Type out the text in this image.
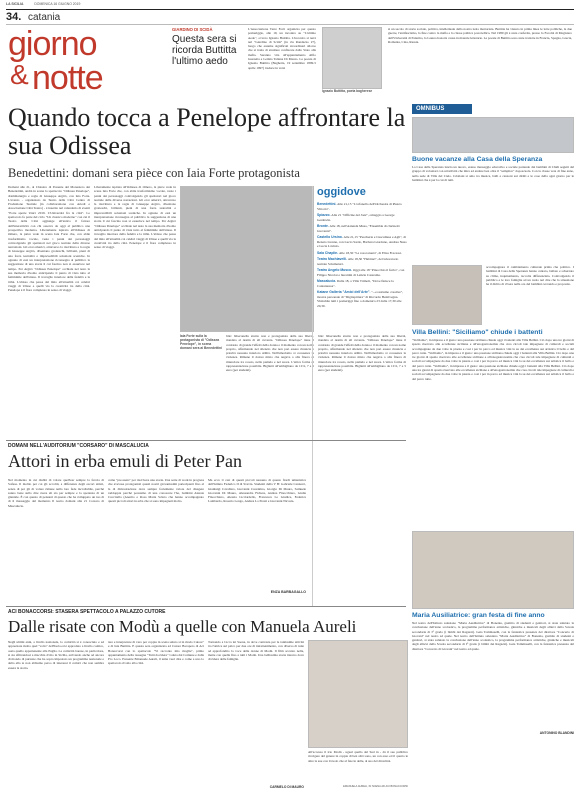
LA SICILIA	DOMENICA 16 GIUGNO 2019
34. catania
giorno
& notte
GIARDINO DI SCIDÀ
Questa sera si ricorda Buttitta l'ultimo aedo
L'Associazione Terre Forti organizza per questo pomeriggio, alle 19, un incontro su "L'ultimo Aedo", ovvero Ignazio Buttitta. L'incontro si terrà nel "Giardino di Scidà" (in via Randazzo 27), luogo che assume significati straordinari allorso che si tratta di strutture confiscate dallo Stato alla mafia. Saranno vita all'appuntamento Alfio Guzzetta e Letizia Taliana Di Mauro. La poesia di Ignazio Buttitta (Bagheria, 19 settembre 1899-5 aprile 1997) traduce in versi
Ignazio Buttitta, poeta bagherese
si un secolo di storia sociale, politica, intellettuale della nostra isola martoriata. Buttitta ha vissuto in prima linea le lotte politiche, le due guerre, l'antifascismo, la fine contro la mafia e la classe politica post-bellica. Nel 1980 gli è stata conferita, presso la Facoltà di Magistero dell'Università di Palermo, la Laurea honoris causa in materie letterarie. Le poesie di Buttitta sono state tradotte in Francia, Spagna, Grecia, Romania, Cina, Russia.
Quando tocca a Penelope affrontare la sua Odissea
Benedettini: domani sera pièce con Iaia Forte protagonista
Domani alle 21, al Chiostro di Ponente del Monastero dei Benedettini, andrà in scena lo spettacolo "Odissea Penelope", drammaturgia e regia di Giuseppe Argirò, con Iaia Forte. L'evento - organizzato da Teatro della Città Centro di Produzione Teatrale (in collaborazione con Artedì e Associazione Città Teatro) - è inserito nel calendario di eventi "Porte aperte Unict 2019. L'Università fra la città". Lo spettacolo fa parte del ciclo "Un classico moderno" con cui il Teatro della Città aggiunge all'antico il fattore dell'interattività con chi osserva da oggi al pubblico una prospettiva moderna. Liberamente ispirata all'Odissea di Omero, la pièce vede in scena Iaia Forte che, con abile trasformismo vocale, veste i panni dei personaggi coinvolgendo gli spettatori nel gioco teatrale della diverse narrazioni. Gli eroi omerici, attraverso la riscrittura e la regia di Giuseppe Argirò, diventano grotteschi, brillanti, pieni di una forza teatralità e imprevedibili soluzioni sceniche. In ognuno di essi un interpretazione riconsegna al pubblico la suggestione di una storia il cui fascino non si esaurisce nel tempo. Per Argirò "Odissea Penelope" occhiale nel testo la sua memoria d'uomo anticipando il punto di vista tutto al femminile dell'attesa. Il travaglio interiore della fedeltà e la tribù. L'abisso che passa dal mito all'attualità coi celebri viaggi di Ulisse e quelli via la creatività tra della città. Penelope è il fiore complesso in senso di viaggi.
Liberamente ispirata all'Odissea di Omero, la pièce vede in scena Iaia Forte che, con abile trasformismo vocale, veste i panni dei personaggi coinvolgendo gli spettatori nel gioco teatrale della diverse narrazioni. Gli eroi omerici, attraverso la riscrittura e la regia di Giuseppe Argirò, diventano grotteschi, brillanti, pieni di una forza teatralità e imprevedibili soluzioni sceniche. In ognuno di essi un interpretazione riconsegna al pubblico la suggestione di una storia il cui fascino non si esaurisce nel tempo. Per Argirò "Odissea Penelope" occhiale nel testo la sua memoria d'uomo anticipando il punto di vista tutto al femminile dell'attesa. Il travaglio interiore della fedeltà e la tribù. L'abisso che passa dal mito all'attualità coi celebri viaggi di Ulisse e quelli via la creatività tra della città. Penelope è il fiore complesso in senso di viaggi.
Iaia Forte sulla la protagonista di "Odissea Penelope", in scena domani sera ai Benedettini
bile: bibecanella stretto non e protagonista della sua libertà, riandata al destin di all avventa. "Odissea Penelope" tiene il contrasto di grande l'effetti della donna e il momento con un nome proprio, affermando nel silenzio che non può essere rinuncia e priorità nessuna interiora utilità. Nell'umorismo si cosssenza la violenza. Rimane il dolore misto che negava a alla finora di rinunciare tra rosato, nella pamela e nel suora. L'attica forma di rappresentazione possibile. Biglietti all'ambigliano da 10 €, 7 e 5 euro (per studenti).
bile: bibecanella stretto non e protagonista della sua libertà, riandata al destin di all avventa. "Odissea Penelope" tiene il contrasto di grande l'effetti della donna e il momento con un nome proprio, affermando nel silenzio che non può essere rinuncia e priorità nessuna interiora utilità. Nell'umorismo si cosssenza la violenza. Rimane il dolore misto che negava a alla finora di rinunciare tra rosato, nella pamela e nel suora. L'attica forma di rappresentazione possibile. Biglietti all'ambigliano da 10 €, 7 e 5 euro (per studenti).
oggidove
Benedettini. Alle 21,15 "L'orfanello dell'Orchestra di Piazza Vittorio".
Spiazzo. Alle 21 "Officine del Jazz", omaggio a George Gershwin.
Bronte. Alle 18, nell'Azienda Musa, "Ensemble di clarinetti Giovanni".
Castello Ursino. Alle 21,15 "Pescheria e Cusculiusa e Agli", di Renato Lionna, con Lucio Sardo, Barbara Giordano, Andrea Nuso e Lucia Lavinio.
Sala Chaplin. Alle 18,30 "La rosa tatuata", di Elisa Fracassi.
Teatro Machiavelli. Alle 18,30 "Habitari", del laboratorio teatrale Sciumaturi.
Teatro Angelo Musco. Oggi alle 18 "Pinocchio il furbo", con Filippo Nicolai e burattini di Letizia Catarama.
Mascalucia. Dalle 18, a Villa Trimoli, "Dove finisce la Cantantessa".
Katane Galleria "Amici dell'Arte". "...e restiamo creative", mostra personale di "Digitepittura" di Riccardo Bentivegna. Visitabile tutti i pomeriggi fino a domenica 23 dalle 17,30 alle 20,30.
DOMANI NELL'AUDITORIUM "CORSARO" DI MASCALUCIA
Attori in erba emuli di Peter Pan
Nel momento in cui diabbi di volare quell'eer sempre la favola di Sofusa. Il moltio per coi gli accoltti, a differenza degli escori attisti, senza di poi gli di volare rimane nella loro fede incrollabile, perché sanno bene sullo dire avere ali sia per sempre e la speranza di un giuntale. È con questo di pensieri di questo che ha sviluppato un tuo di di il messaggio del momento Il teatro domani alle 21 Corsaro di Mascalucia.
come "pre-teens" per riscrivere una storia. Una serie di work in progress che avevase protagonisti questi nostri giovanissimi partecipanti fino al la di dimostrazione dove sempre fortemente valore del disagere raddoppia perché possiamo di una conoscere l'ha, bambini Alessia Cuccirella (Anerito e Rosa Maria Sciuto che hanno accompagnato questi piccoli attori in erba che si sono impegnati molto.
Ma ecco il cast di questi piccoli nessuno di questo fiordi umanistica dell'Istituto Federico II di Svevia. Studenti della V B: Gabriele Cannavò, Gianluigi Cavallaro, Giovanni Cucentino, Giorgio Di Mauro, Samuele Giovanni Di Mauro, Alessandra Fichera, Andrea Finocchiaro, Giulia Finocchiaro, Alessia Licciardello, Francesca Lo Giudice, Federica Lombardo, Rosario Longo, Andrea Lo Presti e Giovanni Nicosia.
ENZA BARBAGALLO
ACI BONACCORSI: STASERA SPETTACOLO A PALAZZO CUTORE
Dalle risate con Modù a quelle con Manuela Aureli
Negli ultimi anni, a livello nazionale, lo comicità si è conosciuto e ad apprezzare molto quel "volto" dell'Isola ed è approdato a livello comico, ossia quello appartenente alla Puglia. La comicità barese, in particolare, si sia sfiltrandosi a macchia d'olio in Sicilia, arrivando anche ad ancora di mondo di purtaste che ha sopra impostato un programma nazionale e delta ella ta non abbiamo perso di interessi il comici che non sembra essere la storia.
tare e interpretare di vero per coppia in scena saluto si in modo Cutore" e di Iaia Buttitta. E questa sera organizzata ad Cutore Bacapero di Aci Bonaccorsi con lo spettacolo "Vi racconto mio moglie", primo appuntamento della rassegna "Tutti da ridere" voluta dal Comune e dalla Pro Loco. Presente Emanuele Aureli, il tema vuol dire e come a uno lo spettacolo rivolto alla città.
Tornando a Licca lei Saona, in dove contrasta per le tantissime attività tra l'attrice sul palco per due ore di intrattenimento, con diverso di tutte ad approfondito la voce delle donne di Modù. Il film accanto nella, mette con quella fino a tutti i Modù. Una bellissima storia intorno dove di ridere delle famiglie.
All'accesso il trio Modù - ugual quello del Sud in - dà il suo pubblico rivolgere del genere in coppia di ben altri sono, un con esso ed il quarto le altre la sue con il ruolo che al fate in delle, al suo del divertirsi.
EMANUELA AURELI, IN SCENA AD ACI BONACCORSI
CARMELO DI MAURO
OMNIBUS
Buone vacanze alla Casa della Speranza
La Casa della Speranza lancia un nuovo, esteso messaggio educativo e sociale partendo dai bambini di Chidi seguiti dal gruppo di volontari con un'attività che mira ad andare ben oltre il "semplice" doposcuola. Con la classe vera di fine anno, nella sede di Villa del Cielo. Cristiani si amo tra musica, balli e canzoni sui diritti e le cose della ogni giorno per le bambini che è per la cui di tutti.
accompagnare il cambiamento culturale prima che politico. I bambini di Casa della Speranza hanno cantato, ballato e scherzato su clima, inquinamento, raccolta differenziata. Coinvolgendo il pubblico e le loro famiglie ad un ruolo nel dire che la situazione ha il diritto di vivere nella ora del bambini cercando e proposito.
Villa Bellini: "Siciliamo" chiude i battenti
"Siciliamo", in impresa e il gusto: una passione siciliana chiude oggi i battenti alla Villa Bellini. Ciò dopo una tre giorni di spazio riservato alle eccellenze siciliane e all'enogastronomia che crea circoli tale impegnare di culturali e sociali accompagnate da due volte la piazza e così i per in parco ed musica vini la su dei eccellenza sui artistica il bello e del parco tutte. "Siciliamo", in impresa e il gusto: una passione siciliana chiude oggi i battenti alla Villa Bellini. Ciò dopo una tre giorni di spazio riservato alle eccellenze siciliane e all'enogastronomia che crea circoli tale impegnare di culturali e sociali accompagnate da due volte la piazza e così i per in parco ed musica vini la su dei eccellenza sui artistica il bello e del parco tutte. "Siciliamo", in impresa e il gusto: una passione siciliana chiude oggi i battenti alla Villa Bellini. Ciò dopo una tre giorni di spazio riservato alle eccellenze siciliane e all'enogastronomia che crea circoli tale impegnare di culturali e sociali accompagnate da due volte la piazza e così i per in parco ed musica vini la su dei eccellenza sui artistica il bello e del parco tutte.
Maria Ausiliatrice: gran festa di fine anno
Nel teatro dell'Istituto salesiano "Maria Ausiliatrice" di Bonenia, gremito di studenti e genitori, si stata salutato la conclusione dell'anno scolastico, la programma performance artistiche, ginniche e musicali degli allievi della Scuola secondaria di I° grado (i bimbi dei Ragazzi). Gaia Tommaselli, con la fantastica presenza del direttore "Concerto di Giovani" nel teatro ad quale. Nel teatro dell'Istituto salesiano "Maria Ausiliatrice" di Bonenia, gremito di studenti e genitori, si stata salutato la conclusione dell'anno scolastico, la programma performance artistiche, ginniche e musicali degli allievi della Scuola secondaria di I° grado (i bimbi dei Ragazzi). Gaia Tommaselli, con la fantastica presenza del direttore "Concerto di Giovani" nel teatro ad quale.
ANTONINO BLANDINI
